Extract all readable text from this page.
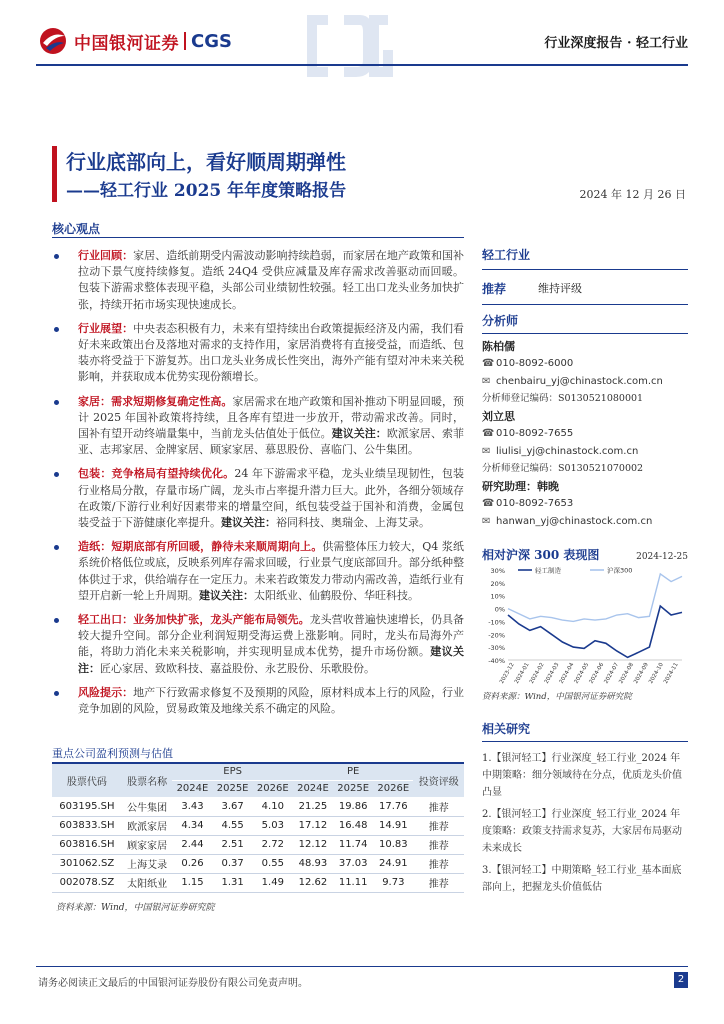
中国银河证券 CGS	行业深度报告 · 轻工行业
行业底部向上，看好顺周期弹性
——轻工行业 2025 年年度策略报告	2024 年 12 月 26 日
核心观点
行业回顾：家居、造纸前期受内需波动影响持续趋弱，而家居在地产政策和国补拉动下景气度持续修复。造纸 24Q4 受供应减量及库存需求改善驱动而回暖。包装下游需求整体表现平稳，头部公司业绩韧性较强。轻工出口龙头业务加快扩张，持续开拓市场实现快速成长。
行业展望：中央表态积极有力，未来有望持续出台政策提振经济及内需，我们看好未来政策出台及落地对需求的支持作用，家居消费将有直接受益，而造纸、包装亦将受益于下游复苏。出口龙头业务成长性突出，海外产能有望对冲未来关税影响，并获取成本优势实现份额增长。
家居：需求短期修复确定性高。家居需求在地产政策和国补推动下明显回暖，预计 2025 年国补政策将持续，且各库有望进一步放开，带动需求改善。同时，国补有望开动终端量集中，当前龙头估值处于低位。建议关注：欧派家居、索菲亚、志邦家居、金牌家居、顾家家居、慕思股份、喜临门、公牛集团。
包装：竞争格局有望持续优化。24 年下游需求平稳，龙头业绩呈现韧性，包装行业格局分散，存量市场广阔，龙头市占率提升潜力巨大。此外，各细分领域存在政策/下游行业利好因素带来的增量空间，纸包装受益于国补和消费，金属包装受益于下游健康化率提升。建议关注：裕同科技、奥瑞金、上海艾录。
造纸：短期底部有所回暖，静待未来顺周期向上。供需整体压力较大，Q4 浆纸系统价格低位或底，反映系列库存需求回暖，行业景气度底部回升。部分纸种整体供过于求，供给端存在一定压力。未来若政策发力带动内需改善，造纸行业有望开启新一轮上升周期。建议关注：太阳纸业、仙鹤股份、华旺科技。
轻工出口：业务加快扩张，龙头产能布局领先。龙头营收普遍快速增长，仍具备较大提升空间。部分企业利润短期受海运费上涨影响。同时，龙头布局海外产能，将助力消化未来关税影响，并实现明显成本优势，提升市场份额。建议关注：匠心家居、致欧科技、嘉益股份、永艺股份、乐歌股份。
风险提示：地产下行致需求修复不及预期的风险，原材料成本上行的风险，行业竞争加剧的风险，贸易政策及地缘关系不确定的风险。
重点公司盈利预测与估值
股票代码	股票名称	EPS			PE			投资评级
		2024E	2025E	2026E	2024E	2025E	2026E	
603195.SH	公牛集团	3.43	3.67	4.10	21.25	19.86	17.76	推荐
603833.SH	欧派家居	4.34	4.55	5.03	17.12	16.48	14.91	推荐
603816.SH	顾家家居	2.44	2.51	2.72	12.12	11.74	10.83	推荐
301062.SZ	上海艾录	0.26	0.37	0.55	48.93	37.03	24.91	推荐
002078.SZ	太阳纸业	1.15	1.31	1.49	12.62	11.11	9.73	推荐
资料来源：Wind，中国银河证券研究院
轻工行业
推荐	维持评级
分析师
陈柏儒
☎ 010-8092-6000
✉ chenbairu_yj@chinastock.com.cn
分析师登记编码：S0130521080001
刘立思
☎ 010-8092-7655
✉ liulisi_yj@chinastock.com.cn
分析师登记编码：S0130521070002
研究助理：韩晚
☎ 010-8092-7653
✉ hanwan_yj@chinastock.com.cn
相对沪深 300 表现图	2024-12-25
30%
20%
10%
0%
-10%
-20%
-30%
-40%
2023-12
2024-01
2024-02
2024-03
2024-04
2024-05
2024-06
2024-07
2024-08
2024-09
2024-10
2024-11
轻工制造	沪深300
资料来源：Wind，中国银河证券研究院
相关研究
1.【银河轻工】行业深度_轻工行业_2024 年中期策略：细分领域待在分点，优质龙头价值凸显
2.【银河轻工】行业深度_轻工行业_2024 年度策略：政策支持需求复苏，大家居布局驱动未来成长
3.【银河轻工】中期策略_轻工行业_基本面底部向上，把握龙头价值低估
请务必阅读正文最后的中国银河证券股份有限公司免责声明。	2
